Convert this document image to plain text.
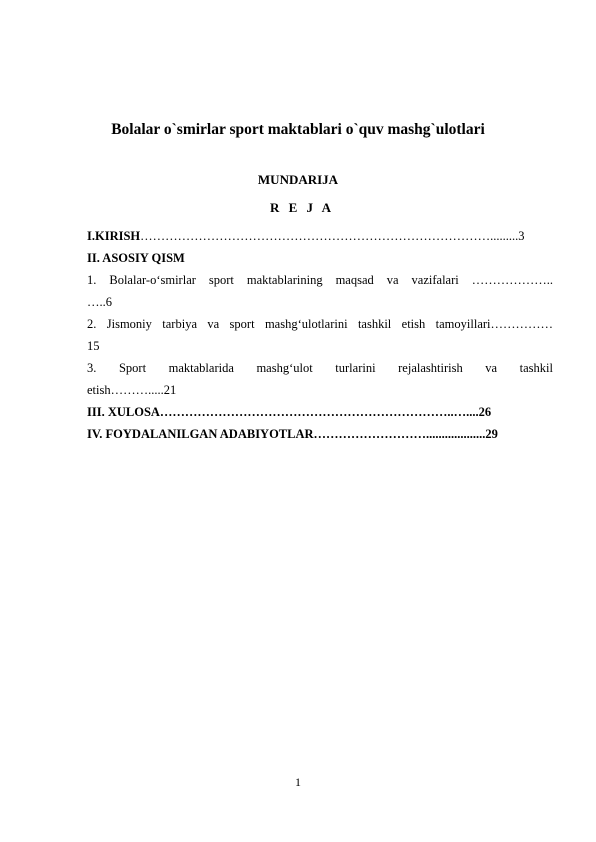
Bolalar o`smirlar sport maktablari o`quv mashg`ulotlari
MUNDARIJA
R E J A
I.KIRISH………………………………………………………………………….........3
II. ASOSIY QISM
1. Bolalar-o‘smirlar sport maktablarining maqsad va vazifalari ………………..
…..6
2. Jismoniy tarbiya va sport mashg‘ulotlarini tashkil etish tamoyillari……………
15
3. Sport maktablarida mashg‘ulot turlarini rejalashtirish va tashkil
etish……….....21
III. XULOSA……………………………………………………………..…....26
IV. FOYDALANILGAN ADABIYOTLAR………………………...................29
1
